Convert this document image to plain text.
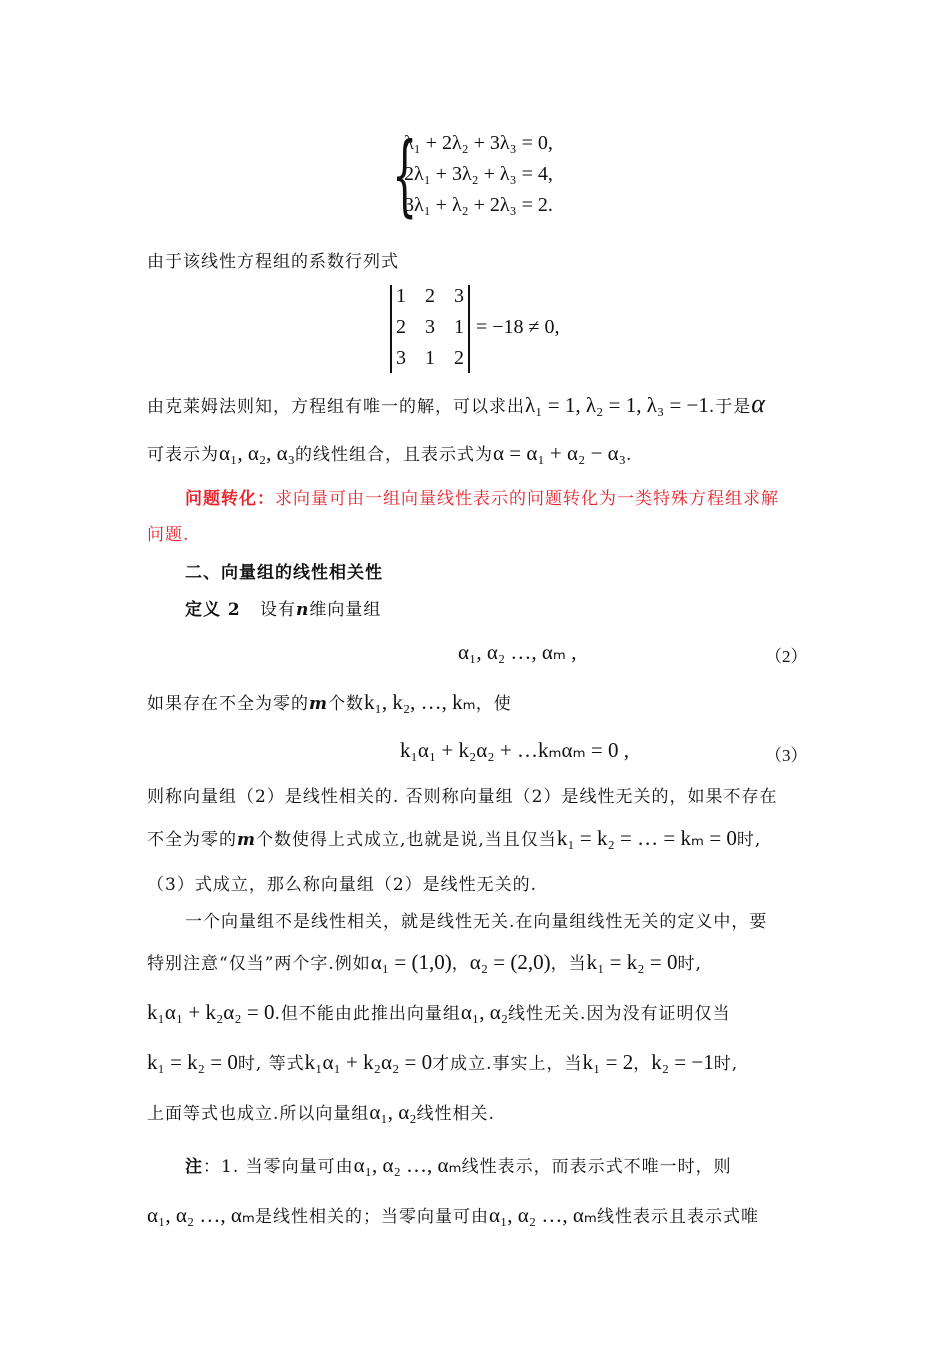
{
λ₁ + 2λ₂ + 3λ₃ = 0,
2λ₁ + 3λ₂ + λ₃ = 4,
3λ₁ + λ₂ + 2λ₃ = 2.
由于该线性方程组的系数行列式
1 2 3
2 3 1
3 1 2
= −18 ≠ 0,
由克莱姆法则知，方程组有唯一的解，可以求出λ₁ = 1, λ₂ = 1, λ₃ = −1.于是α
可表示为α₁, α₂, α₃的线性组合，且表示式为α = α₁ + α₂ − α₃.
问题转化：求向量可由一组向量线性表示的问题转化为一类特殊方程组求解
问题.
二、向量组的线性相关性
定义 2 设有n维向量组
α₁, α₂ …, αₘ ,	（2）
如果存在不全为零的m个数k₁, k₂, …, kₘ，使
k₁α₁ + k₂α₂ + …kₘαₘ = 0 ,	（3）
则称向量组（2）是线性相关的. 否则称向量组（2）是线性无关的，如果不存在
不全为零的m个数使得上式成立,也就是说,当且仅当k₁ = k₂ = … = kₘ = 0时,
（3）式成立，那么称向量组（2）是线性无关的.
一个向量组不是线性相关，就是线性无关.在向量组线性无关的定义中，要
特别注意“仅当”两个字.例如α₁ = (1,0)，α₂ = (2,0)，当k₁ = k₂ = 0时,
k₁α₁ + k₂α₂ = 0.但不能由此推出向量组α₁, α₂线性无关.因为没有证明仅当
k₁ = k₂ = 0时, 等式k₁α₁ + k₂α₂ = 0才成立.事实上，当k₁ = 2，k₂ = −1时,
上面等式也成立.所以向量组α₁, α₂线性相关.
注：1. 当零向量可由α₁, α₂ …, αₘ线性表示，而表示式不唯一时，则
α₁, α₂ …, αₘ是线性相关的；当零向量可由α₁, α₂ …, αₘ线性表示且表示式唯
